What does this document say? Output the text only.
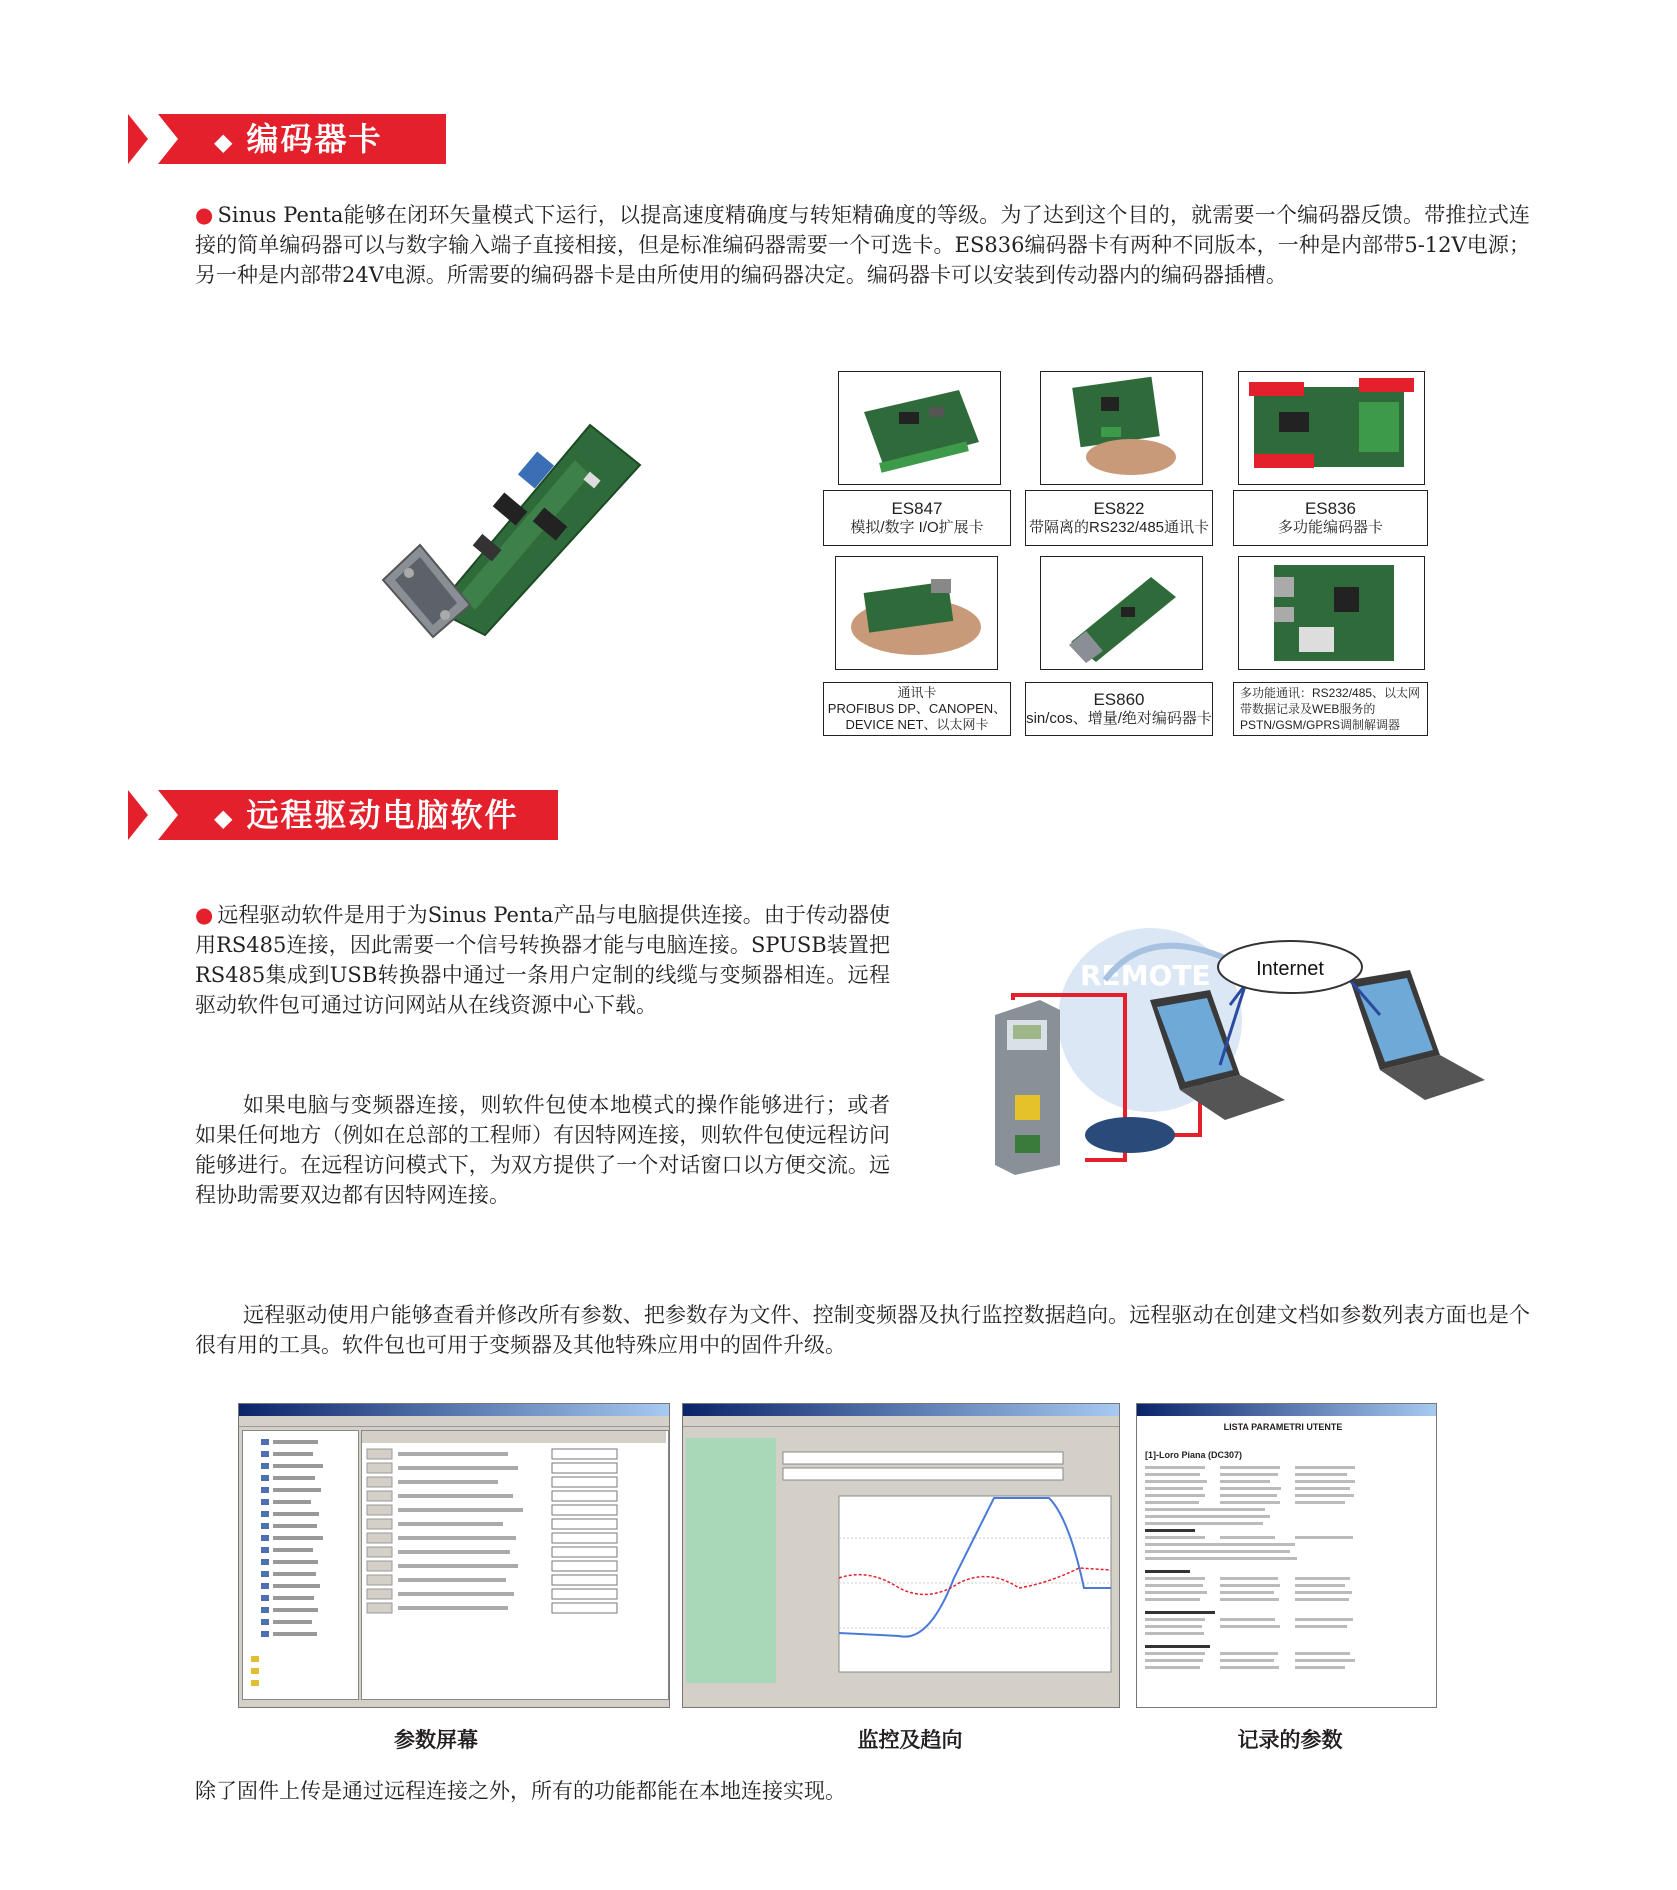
◆ 编码器卡
● Sinus Penta能够在闭环矢量模式下运行，以提高速度精确度与转矩精确度的等级。为了达到这个目的，就需要一个编码器反馈。带推拉式连接的简单编码器可以与数字输入端子直接相接，但是标准编码器需要一个可选卡。ES836编码器卡有两种不同版本，一种是内部带5-12V电源；另一种是内部带24V电源。所需要的编码器卡是由所使用的编码器决定。编码器卡可以安装到传动器内的编码器插槽。
ES847
模拟/数字 I/O扩展卡
ES822
带隔离的RS232/485通讯卡
ES836
多功能编码器卡
通讯卡
PROFIBUS DP、CANOPEN、
DEVICE NET、以太网卡
ES860
sin/cos、增量/绝对编码器卡
多功能通讯：RS232/485、以太网
带数据记录及WEB服务的
PSTN/GSM/GPRS调制解调器
◆ 远程驱动电脑软件
● 远程驱动软件是用于为Sinus Penta产品与电脑提供连接。由于传动器使用RS485连接，因此需要一个信号转换器才能与电脑连接。SPUSB装置把RS485集成到USB转换器中通过一条用户定制的线缆与变频器相连。远程驱动软件包可通过访问网站从在线资源中心下载。
如果电脑与变频器连接，则软件包使本地模式的操作能够进行；或者如果任何地方（例如在总部的工程师）有因特网连接，则软件包使远程访问能够进行。在远程访问模式下，为双方提供了一个对话窗口以方便交流。远程协助需要双边都有因特网连接。
REMOTE Internet
远程驱动使用户能够查看并修改所有参数、把参数存为文件、控制变频器及执行监控数据趋向。远程驱动在创建文档如参数列表方面也是个很有用的工具。软件包也可用于变频器及其他特殊应用中的固件升级。
LISTA PARAMETRI UTENTE
[1]-Loro Piana (DC307)
参数屏幕	监控及趋向	记录的参数
除了固件上传是通过远程连接之外，所有的功能都能在本地连接实现。
